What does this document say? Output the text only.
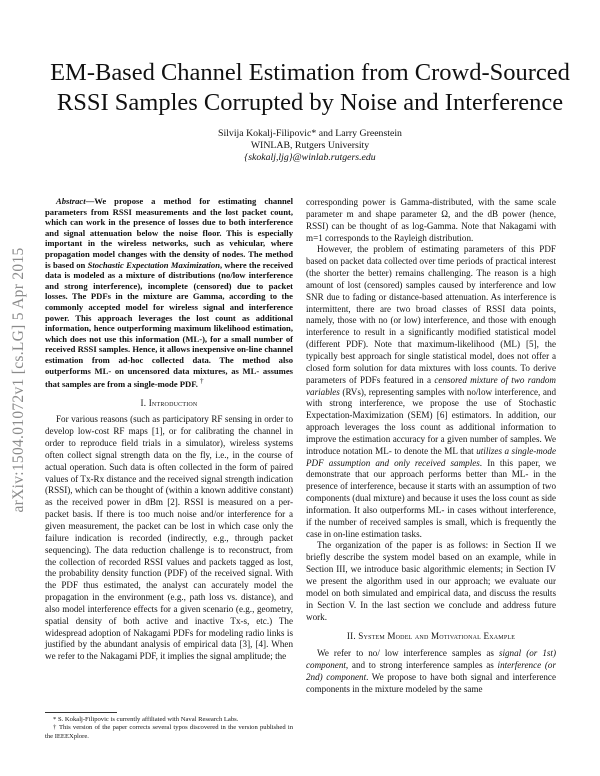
arXiv:1504.01072v1 [cs.LG] 5 Apr 2015
EM-Based Channel Estimation from Crowd-Sourced RSSI Samples Corrupted by Noise and Interference
Silvija Kokalj-Filipovic* and Larry Greenstein
WINLAB, Rutgers University
{skokalj,ljg}@winlab.rutgers.edu

Abstract—We propose a method for estimating channel parameters from RSSI measurements and the lost packet count, which can work in the presence of losses due to both interference and signal attenuation below the noise floor. This is especially important in the wireless networks, such as vehicular, where propagation model changes with the density of nodes. The method is based on Stochastic Expectation Maximization, where the received data is modeled as a mixture of distributions (no/low interference and strong interference), incomplete (censored) due to packet losses. The PDFs in the mixture are Gamma, according to the commonly accepted model for wireless signal and interference power. This approach leverages the lost count as additional information, hence outperforming maximum likelihood estimation, which does not use this information (ML-), for a small number of received RSSI samples. Hence, it allows inexpensive on-line channel estimation from ad-hoc collected data. The method also outperforms ML- on uncensored data mixtures, as ML- assumes that samples are from a single-mode PDF. †

I. Introduction

For various reasons (such as participatory RF sensing in order to develop low-cost RF maps [1], or for calibrating the channel in order to reproduce field trials in a simulator), wireless systems often collect signal strength data on the fly, i.e., in the course of actual operation. Such data is often collected in the form of paired values of Tx-Rx distance and the received signal strength indication (RSSI), which can be thought of (within a known additive constant) as the received power in dBm [2]. RSSI is measured on a per-packet basis. If there is too much noise and/or interference for a given measurement, the packet can be lost in which case only the failure indication is recorded (indirectly, e.g., through packet sequencing). The data reduction challenge is to reconstruct, from the collection of recorded RSSI values and packets tagged as lost, the probability density function (PDF) of the received signal. With the PDF thus estimated, the analyst can accurately model the propagation in the environment (e.g., path loss vs. distance), and also model interference effects for a given scenario (e.g., geometry, spatial density of both active and inactive Tx-s, etc.) The widespread adoption of Nakagami PDFs for modeling radio links is justified by the abundant analysis of empirical data [3], [4]. When we refer to the Nakagami PDF, it implies the signal amplitude; the

* S. Kokalj-Filipovic is currently affiliated with Naval Research Labs.

† This version of the paper corrects several typos discovered in the version published in the IEEEXplore.

corresponding power is Gamma-distributed, with the same scale parameter m and shape parameter Ω, and the dB power (hence, RSSI) can be thought of as log-Gamma. Note that Nakagami with m=1 corresponds to the Rayleigh distribution.

However, the problem of estimating parameters of this PDF based on packet data collected over time periods of practical interest (the shorter the better) remains challenging. The reason is a high amount of lost (censored) samples caused by interference and low SNR due to fading or distance-based attenuation. As interference is intermittent, there are two broad classes of RSSI data points, namely, those with no (or low) interference, and those with enough interference to result in a significantly modified statistical model (different PDF). Note that maximum-likelihood (ML) [5], the typically best approach for single statistical model, does not offer a closed form solution for data mixtures with loss counts. To derive parameters of PDFs featured in a censored mixture of two random variables (RVs), representing samples with no/low interference, and with strong interference, we propose the use of Stochastic Expectation-Maximization (SEM) [6] estimators. In addition, our approach leverages the loss count as additional information to improve the estimation accuracy for a given number of samples. We introduce notation ML- to denote the ML that utilizes a single-mode PDF assumption and only received samples. In this paper, we demonstrate that our approach performs better than ML- in the presence of interference, because it starts with an assumption of two components (dual mixture) and because it uses the loss count as side information. It also outperforms ML- in cases without interference, if the number of received samples is small, which is frequently the case in on-line estimation tasks.

The organization of the paper is as follows: in Section II we briefly describe the system model based on an example, while in Section III, we introduce basic algorithmic elements; in Section IV we present the algorithm used in our approach; we evaluate our model on both simulated and empirical data, and discuss the results in Section V. In the last section we conclude and address future work.

II. System Model and Motivational Example

We refer to no/ low interference samples as signal (or 1st) component, and to strong interference samples as interference (or 2nd) component. We propose to have both signal and interference components in the mixture modeled by the same
